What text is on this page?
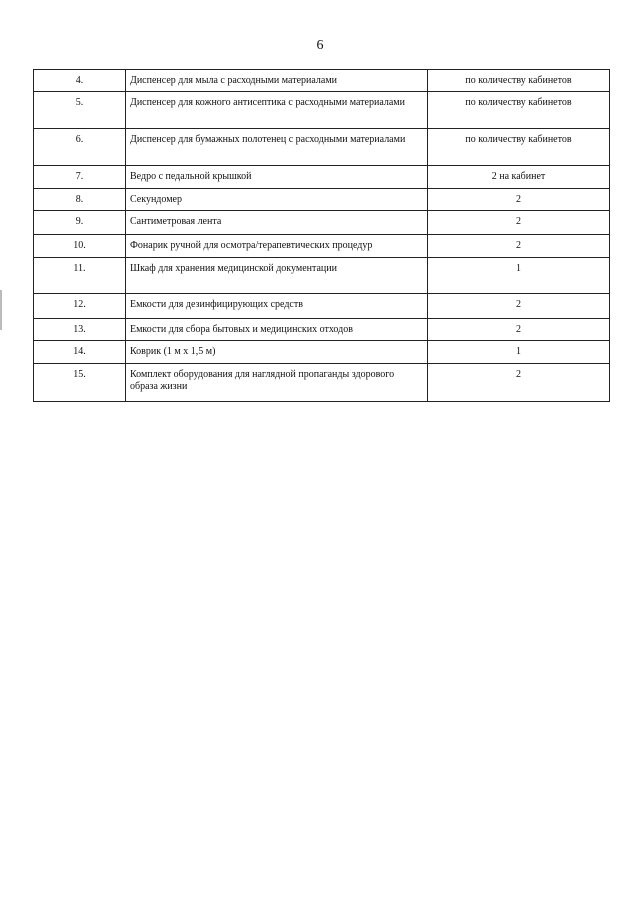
6
4.	Диспенсер для мыла с расходными материалами	по количеству кабинетов
5.	Диспенсер для кожного антисептика с расходными материалами	по количеству кабинетов
6.	Диспенсер для бумажных полотенец с расходными материалами	по количеству кабинетов
7.	Ведро с педальной крышкой	2 на кабинет
8.	Секундомер	2
9.	Сантиметровая лента	2
10.	Фонарик ручной для осмотра/терапевтических процедур	2
11.	Шкаф для хранения медицинской документации	1
12.	Емкости для дезинфицирующих средств	2
13.	Емкости для сбора бытовых и медицинских отходов	2
14.	Коврик (1 м х 1,5 м)	1
15.	Комплект оборудования для наглядной пропаганды здорового образа жизни	2
